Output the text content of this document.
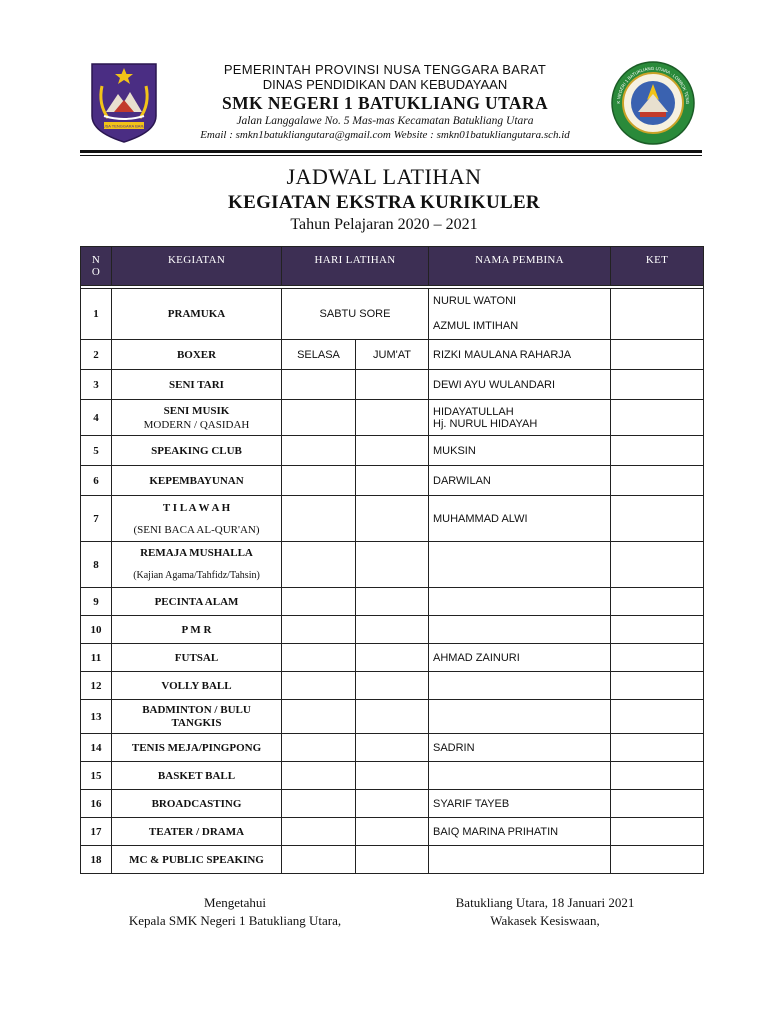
NUSA TENGGARA BARAT
PEMERINTAH PROVINSI NUSA TENGGARA BARAT
DINAS PENDIDIKAN DAN KEBUDAYAAN
SMK NEGERI 1 BATUKLIANG UTARA
Jalan Langgalawe No. 5 Mas-mas Kecamatan Batukliang Utara
Email : smkn1batukliangutara@gmail.com Website : smkn01batukliangutara.sch.id
K NEGERI 1 BATUKLIANG UTARA · LOMBOK TENG
JADWAL LATIHAN
KEGIATAN EKSTRA KURIKULER
Tahun Pelajaran 2020 – 2021
N
O	KEGIATAN	HARI LATIHAN		NAMA PEMBINA	KET

1	PRAMUKA	SABTU SORE		NURUL WATONI
AZMUL IMTIHAN	

2	BOXER	SELASA	JUM'AT	RIZKI MAULANA RAHARJA	
3	SENI TARI			DEWI AYU WULANDARI	
4	SENI MUSIK
MODERN / QASIDAH			HIDAYATULLAH
Hj. NURUL HIDAYAH	

5	SPEAKING CLUB			MUKSIN	
6	KEPEMBAYUNAN			DARWILAN	
7	T I L A W A H
(SENI BACA AL-QUR'AN)			MUHAMMAD ALWI	
8	REMAJA MUSHALLA
(Kajian Agama/Tahfidz/Tahsin)				

9	PECINTA ALAM				
10	P M R				
11	FUTSAL			AHMAD ZAINURI	
12	VOLLY BALL				
13	BADMINTON / BULU
TANGKIS				

14	TENIS MEJA/PINGPONG			SADRIN	
15	BASKET BALL				
16	BROADCASTING			SYARIF TAYEB	
17	TEATER / DRAMA			BAIQ MARINA PRIHATIN	
18	MC & PUBLIC SPEAKING				
Mengetahui
Kepala SMK Negeri 1 Batukliang Utara,
Batukliang Utara, 18 Januari 2021
Wakasek Kesiswaan,
